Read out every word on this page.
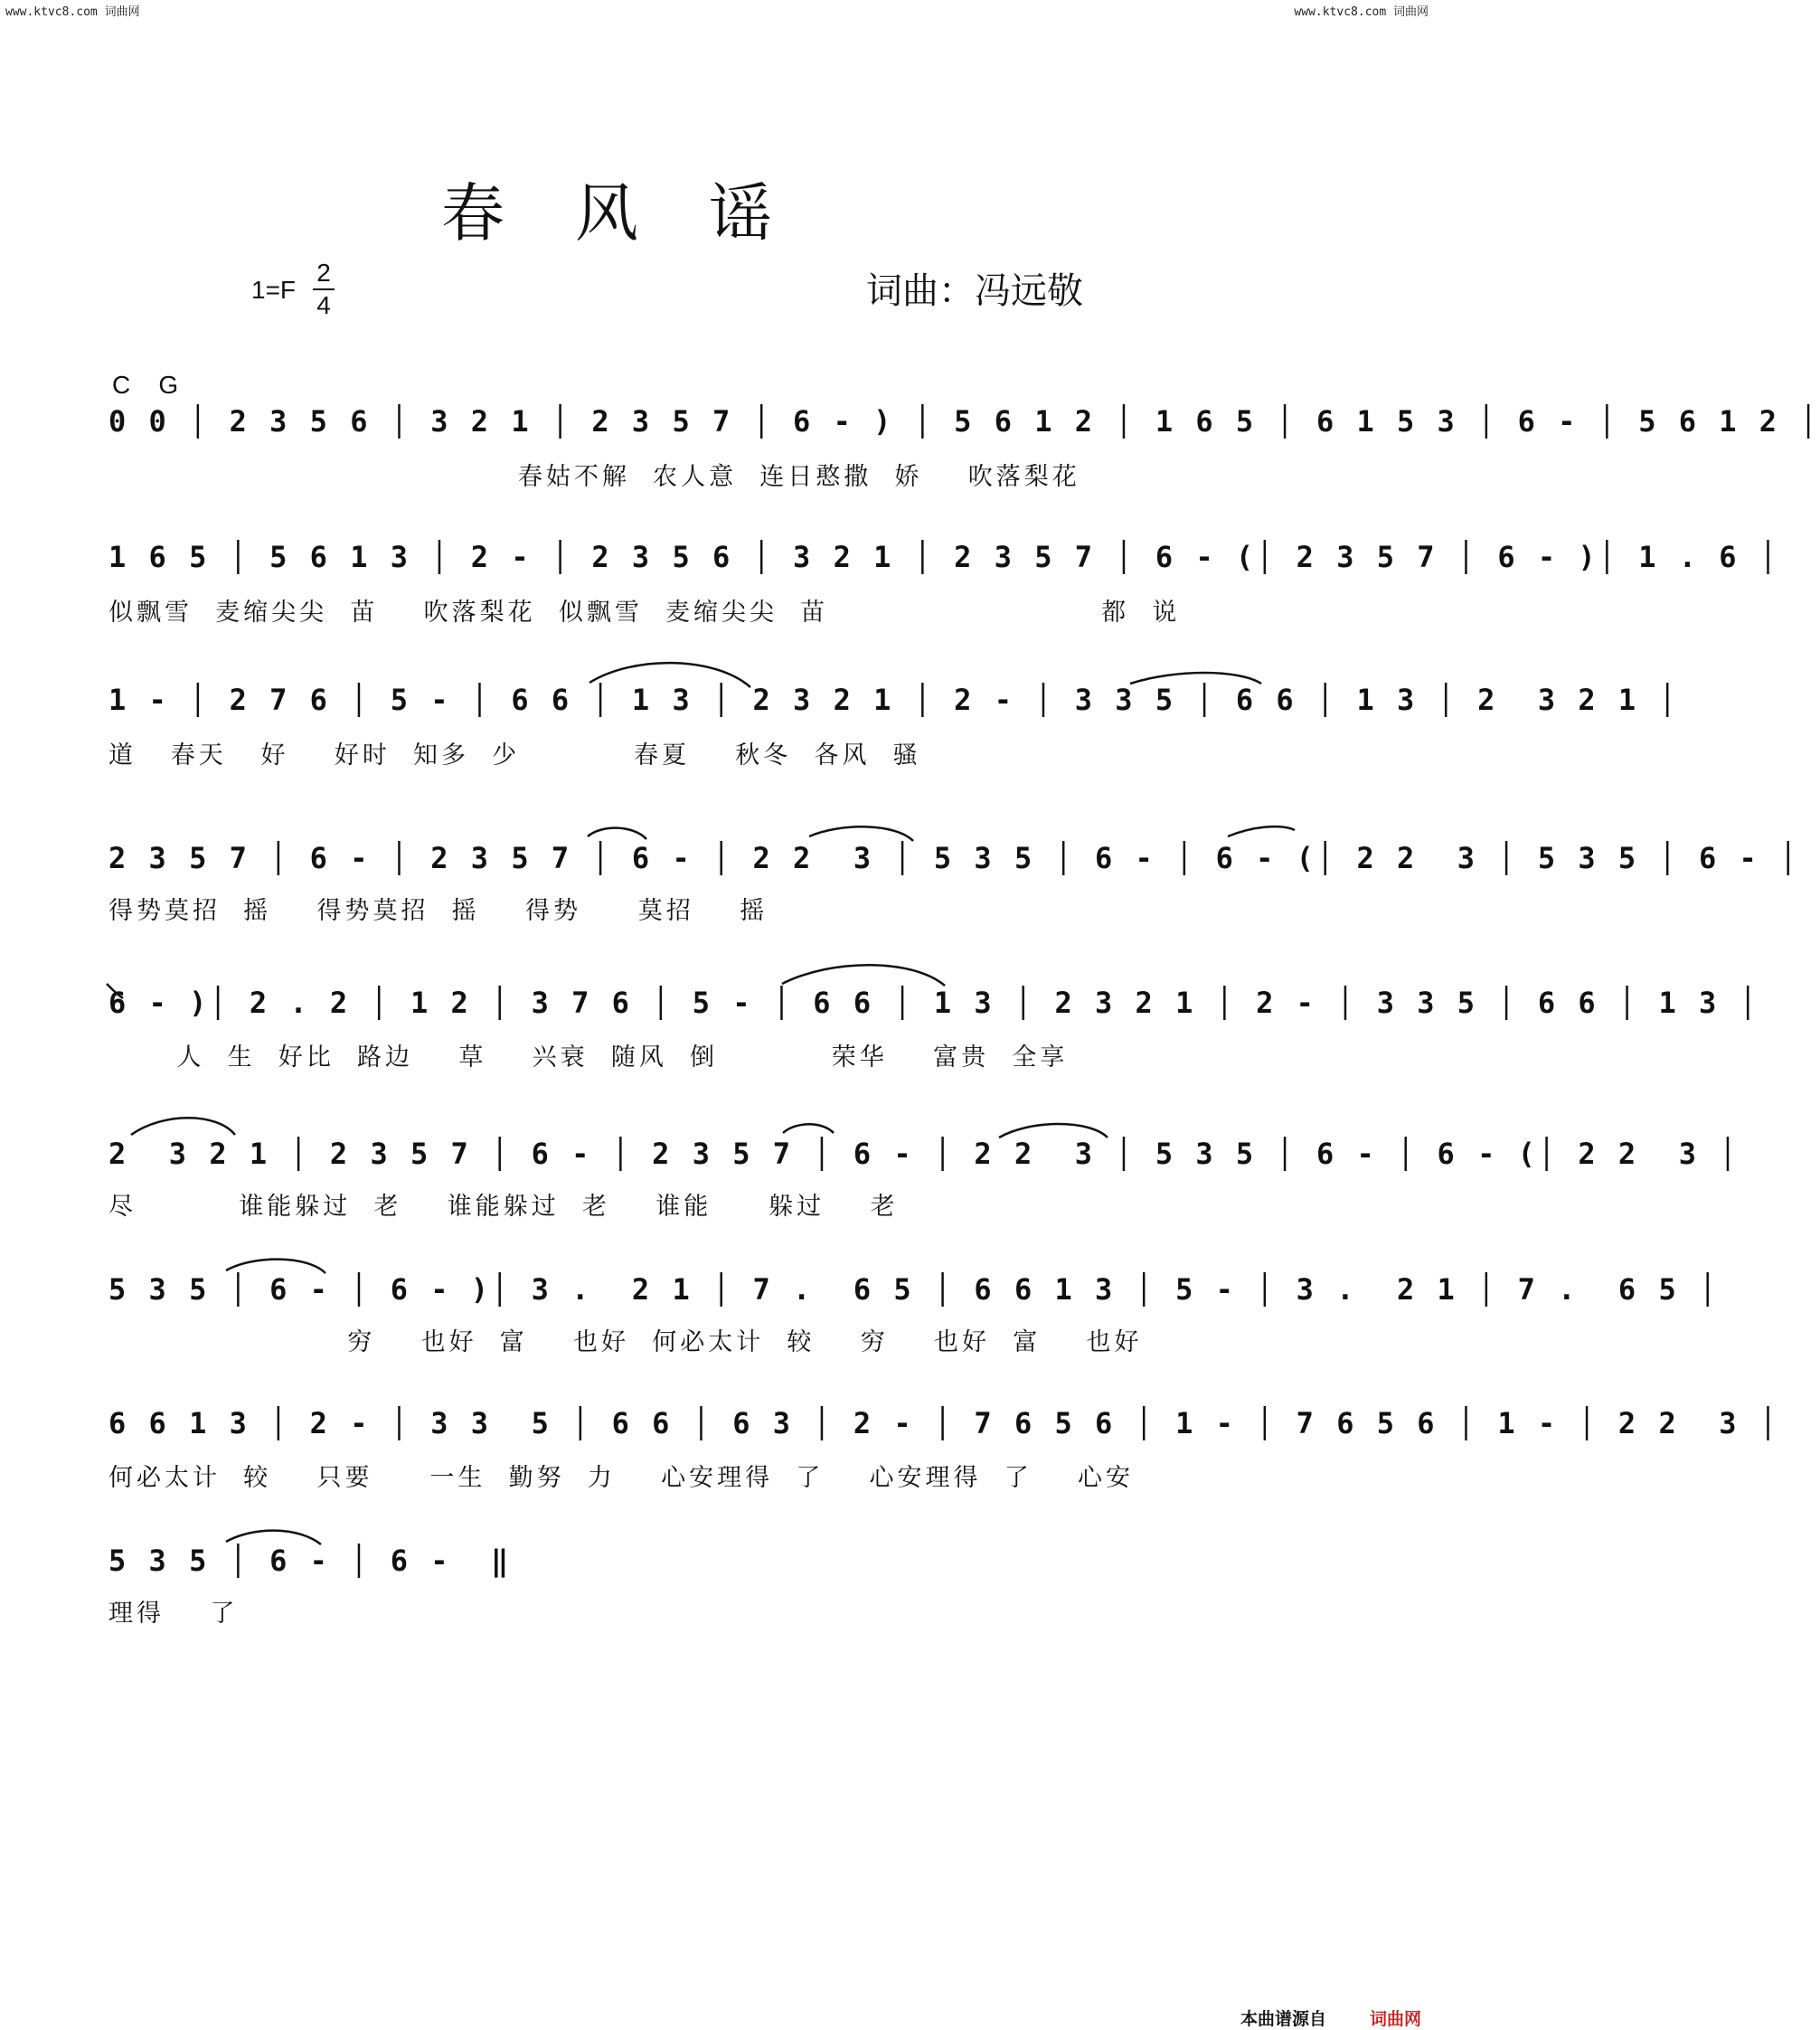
www.ktvc8.com 词曲网	www.ktvc8.com 词曲网
春风谣
1=F
2
4	词曲：冯远敬
C    G
0 0 │ 2 3 5 6 │ 3 2 1 │ 2 3 5 7 │ 6 - ) │ 5 6 1 2 │ 1 6 5 │ 6 1 5 3 │ 6 - │ 5 6 1 2 │
春姑不解  农人意  连日憨撒  娇    吹落梨花
1 6 5 │ 5 6 1 3 │ 2 - │ 2 3 5 6 │ 3 2 1 │ 2 3 5 7 │ 6 - (│ 2 3 5 7 │ 6 - )│ 1 . 6 │
似飘雪  麦缩尖尖  苗    吹落梨花  似飘雪  麦缩尖尖  苗                        都  说
1 - │ 2 7 6 │ 5 - │ 6 6 │ 1 3 │ 2 3 2 1 │ 2 - │ 3 3 5 │ 6 6 │ 1 3 │ 2  3 2 1 │
道   春天   好    好时  知多  少          春夏    秋冬  各风  骚
2 3 5 7 │ 6 - │ 2 3 5 7 │ 6 - │ 2 2  3 │ 5 3 5 │ 6 - │ 6 - (│ 2 2  3 │ 5 3 5 │ 6 - │
得势莫招  摇    得势莫招  摇    得势     莫招    摇
6 - )│ 2 . 2 │ 1 2 │ 3 7 6 │ 5 - │ 6 6 │ 1 3 │ 2 3 2 1 │ 2 - │ 3 3 5 │ 6 6 │ 1 3 │
人  生  好比  路边    草    兴衰  随风  倒          荣华    富贵  全享
2  3 2 1 │ 2 3 5 7 │ 6 - │ 2 3 5 7 │ 6 - │ 2 2  3 │ 5 3 5 │ 6 - │ 6 - (│ 2 2  3 │
尽         谁能躲过  老    谁能躲过  老    谁能     躲过    老
5 3 5 │ 6 - │ 6 - )│ 3 .  2 1 │ 7 .  6 5 │ 6 6 1 3 │ 5 - │ 3 .  2 1 │ 7 .  6 5 │
穷    也好  富    也好  何必太计  较    穷    也好  富    也好
6 6 1 3 │ 2 - │ 3 3  5 │ 6 6 │ 6 3 │ 2 - │ 7 6 5 6 │ 1 - │ 7 6 5 6 │ 1 - │ 2 2  3 │
何必太计  较    只要     一生  勤努  力    心安理得  了    心安理得  了    心安
5 3 5 │ 6 - │ 6 -  ‖
理得    了
本曲谱源自	词曲网
